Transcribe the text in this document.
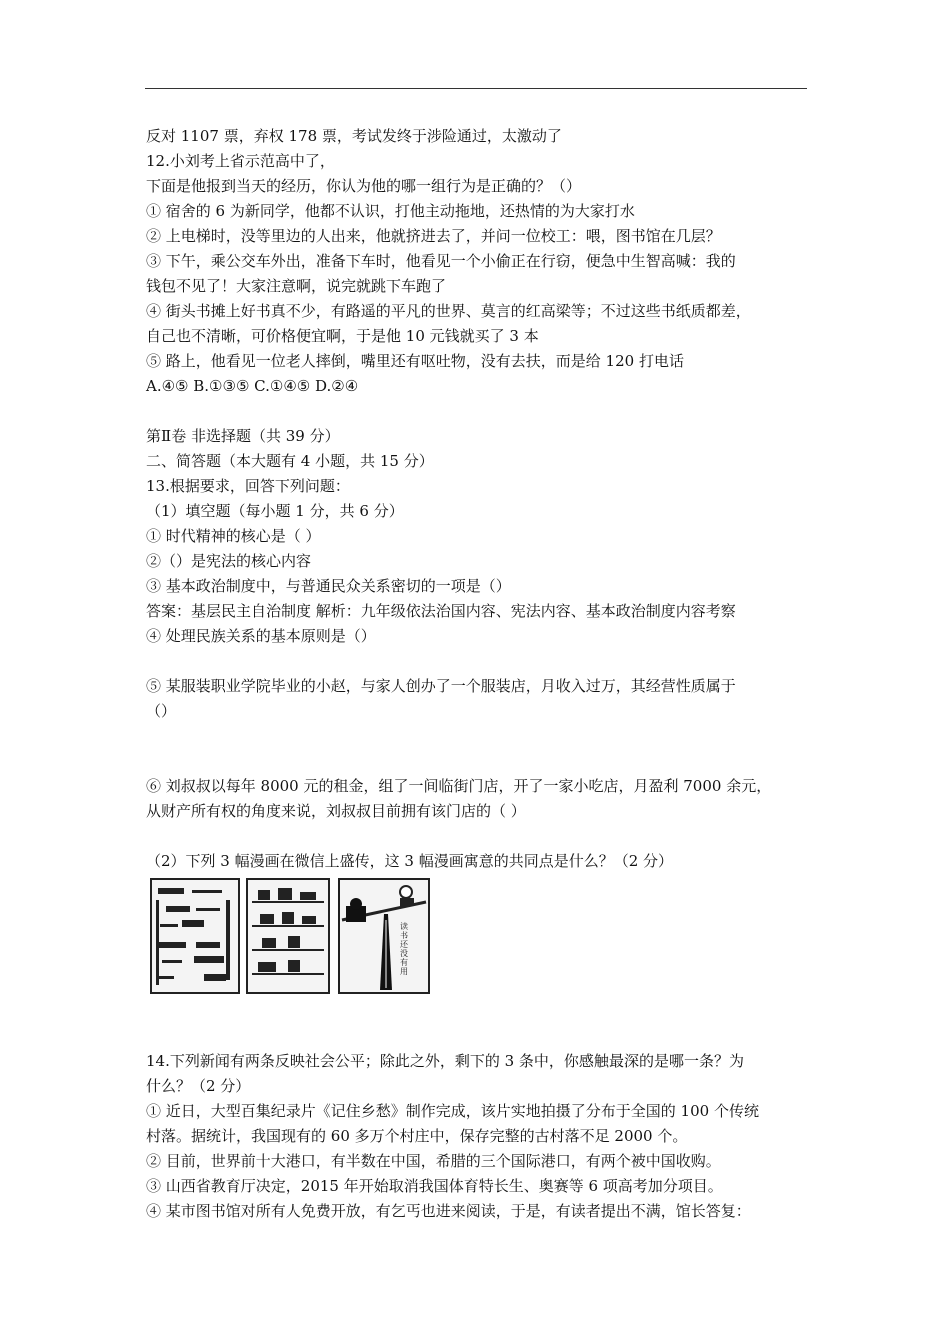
反对 1107 票，弃权 178 票，考试发终于涉险通过，太激动了
12.小刘考上省示范高中了，
下面是他报到当天的经历，你认为他的哪一组行为是正确的？（）
① 宿舍的 6 为新同学，他都不认识，打他主动拖地，还热情的为大家打水
② 上电梯时，没等里边的人出来，他就挤进去了，并问一位校工：喂，图书馆在几层？
③ 下午，乘公交车外出，准备下车时，他看见一个小偷正在行窃，便急中生智高喊：我的
钱包不见了！大家注意啊，说完就跳下车跑了
④ 街头书摊上好书真不少，有路遥的平凡的世界、莫言的红高梁等；不过这些书纸质都差，
自己也不清晰，可价格便宜啊，于是他 10 元钱就买了 3 本
⑤ 路上，他看见一位老人摔倒，嘴里还有呕吐物，没有去扶，而是给 120 打电话
A.④⑤ B.①③⑤ C.①④⑤ D.②④
第Ⅱ卷 非选择题（共 39 分）
二、简答题（本大题有 4 小题，共 15 分）
13.根据要求，回答下列问题：
（1）填空题（每小题 1 分，共 6 分）
① 时代精神的核心是（ ）
②（）是宪法的核心内容
③ 基本政治制度中，与普通民众关系密切的一项是（）
答案：基层民主自治制度 解析：九年级依法治国内容、宪法内容、基本政治制度内容考察
④ 处理民族关系的基本原则是（）
⑤ 某服装职业学院毕业的小赵，与家人创办了一个服装店，月收入过万，其经营性质属于
（）
⑥ 刘叔叔以每年 8000 元的租金，组了一间临街门店，开了一家小吃店，月盈利 7000 余元，
从财产所有权的角度来说，刘叔叔目前拥有该门店的（ ）
（2）下列 3 幅漫画在微信上盛传，这 3 幅漫画寓意的共同点是什么？（2 分）
读书还没有用
14.下列新闻有两条反映社会公平；除此之外，剩下的 3 条中，你感触最深的是哪一条？为
什么？（2 分）
① 近日，大型百集纪录片《记住乡愁》制作完成，该片实地拍摄了分布于全国的 100 个传统
村落。据统计，我国现有的 60 多万个村庄中，保存完整的古村落不足 2000 个。
② 目前，世界前十大港口，有半数在中国，希腊的三个国际港口，有两个被中国收购。
③ 山西省教育厅决定，2015 年开始取消我国体育特长生、奥赛等 6 项高考加分项目。
④ 某市图书馆对所有人免费开放，有乞丐也进来阅读，于是，有读者提出不满，馆长答复：
